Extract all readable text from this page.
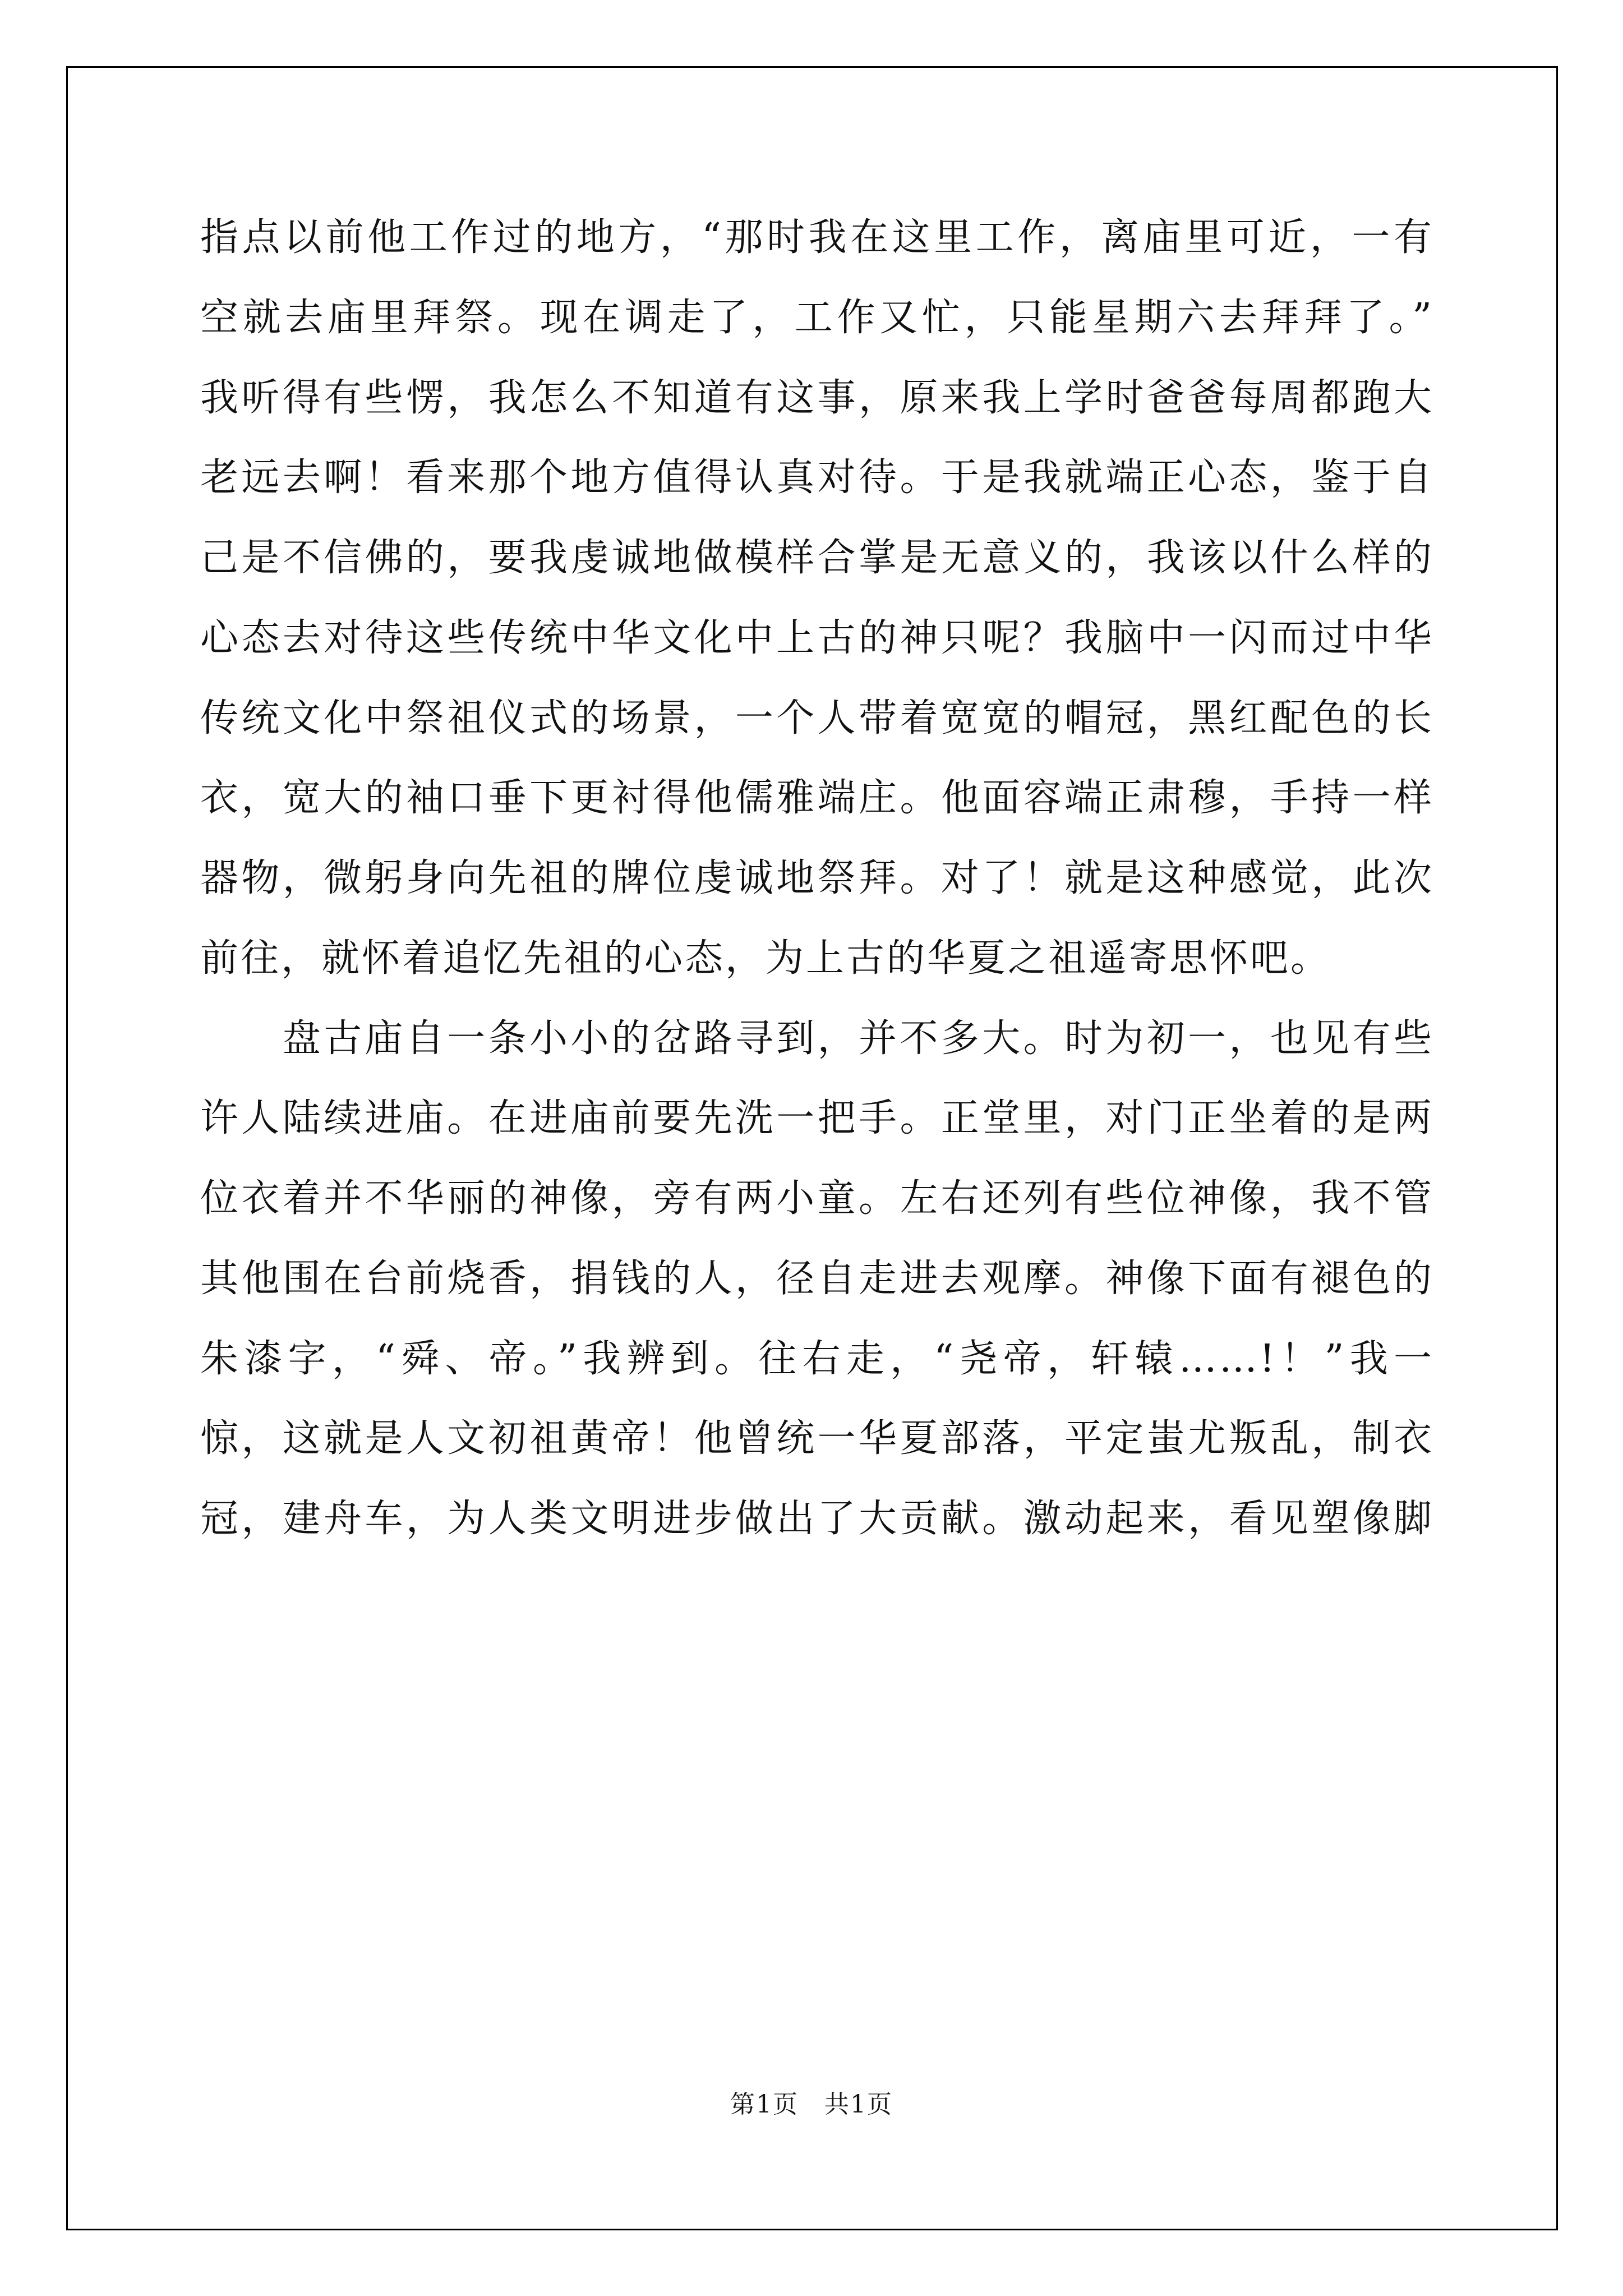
指点以前他工作过的地方，“那时我在这里工作，离庙里可近，一有
空就去庙里拜祭。现在调走了，工作又忙，只能星期六去拜拜了。”
我听得有些愣，我怎么不知道有这事，原来我上学时爸爸每周都跑大
老远去啊！看来那个地方值得认真对待。于是我就端正心态，鉴于自
己是不信佛的，要我虔诚地做模样合掌是无意义的，我该以什么样的
心态去对待这些传统中华文化中上古的神只呢？我脑中一闪而过中华
传统文化中祭祖仪式的场景，一个人带着宽宽的帽冠，黑红配色的长
衣，宽大的袖口垂下更衬得他儒雅端庄。他面容端正肃穆，手持一样
器物，微躬身向先祖的牌位虔诚地祭拜。对了！就是这种感觉，此次
前往，就怀着追忆先祖的心态，为上古的华夏之祖遥寄思怀吧。
　　盘古庙自一条小小的岔路寻到，并不多大。时为初一，也见有些
许人陆续进庙。在进庙前要先洗一把手。正堂里，对门正坐着的是两
位衣着并不华丽的神像，旁有两小童。左右还列有些位神像，我不管
其他围在台前烧香，捐钱的人，径自走进去观摩。神像下面有褪色的
朱漆字，“舜、帝。”我辨到。往右走，“尧帝，轩辕……!！”我一
惊，这就是人文初祖黄帝！他曾统一华夏部落，平定蚩尤叛乱，制衣
冠，建舟车，为人类文明进步做出了大贡献。激动起来，看见塑像脚
第1页　共1页
